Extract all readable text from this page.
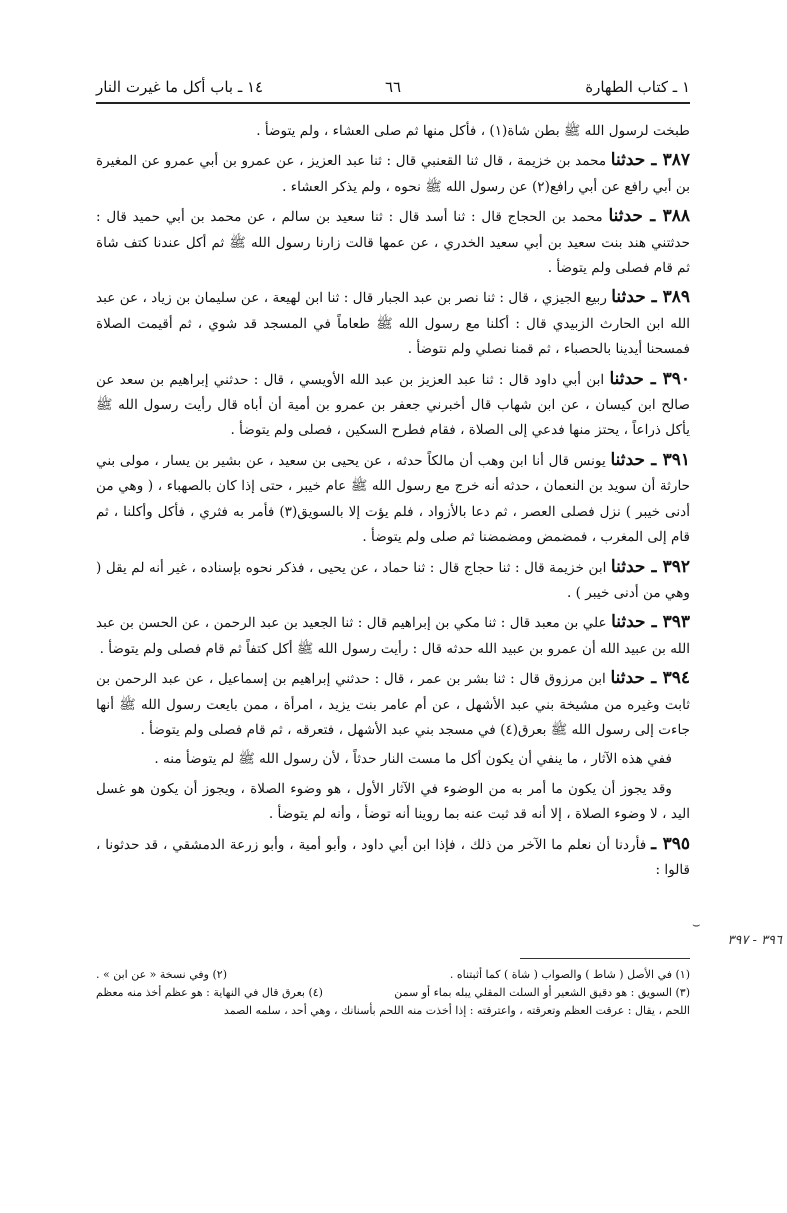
١ ـ كتاب الطهارة
٦٦
١٤ ـ باب أكل ما غيرت النار

طبخت لرسول الله ﷺ بطن شاة(١) ، فأكل منها ثم صلى العشاء ، ولم يتوضأ .

٣٨٧ ـ حدثنا محمد بن خزيمة ، قال ثنا القعنبي قال : ثنا عبد العزيز ، عن عمرو بن أبي عمرو عن المغيرة بن أبي رافع عن أبي رافع(٢) عن رسول الله ﷺ نحوه ، ولم يذكر العشاء .

٣٨٨ ـ حدثنا محمد بن الحجاج قال : ثنا أسد قال : ثنا سعيد بن سالم ، عن محمد بن أبي حميد قال : حدثتني هند بنت سعيد بن أبي سعيد الخدري ، عن عمها قالت زارنا رسول الله ﷺ ثم أكل عندنا كتف شاة ثم قام فصلى ولم يتوضأ .

٣٨٩ ـ حدثنا ربيع الجيزي ، قال : ثنا نصر بن عبد الجبار قال : ثنا ابن لهيعة ، عن سليمان بن زياد ، عن عبد الله ابن الحارث الزبيدي قال : أكلنا مع رسول الله ﷺ طعاماً في المسجد قد شوي ، ثم أقيمت الصلاة فمسحنا أيدينا بالحصباء ، ثم قمنا نصلي ولم نتوضأ .

٣٩٠ ـ حدثنا ابن أبي داود قال : ثنا عبد العزيز بن عبد الله الأويسي ، قال : حدثني إبراهيم بن سعد عن صالح ابن كيسان ، عن ابن شهاب قال أخبرني جعفر بن عمرو بن أمية أن أباه قال رأيت رسول الله ﷺ يأكل ذراعاً ، يحتز منها فدعي إلى الصلاة ، فقام فطرح السكين ، فصلى ولم يتوضأ .

٣٩١ ـ حدثنا يونس قال أنا ابن وهب أن مالكاً حدثه ، عن يحيى بن سعيد ، عن بشير بن يسار ، مولى بني حارثة أن سويد بن النعمان ، حدثه أنه خرج مع رسول الله ﷺ عام خيبر ، حتى إذا كان بالصهباء ، ( وهي من أدنى خيبر ) نزل فصلى العصر ، ثم دعا بالأزواد ، فلم يؤت إلا بالسويق(٣) فأمر به فثري ، فأكل وأكلنا ، ثم قام إلى المغرب ، فمضمض ومضمضنا ثم صلى ولم يتوضأ .

٣٩٢ ـ حدثنا ابن خزيمة قال : ثنا حجاج قال : ثنا حماد ، عن يحيى ، فذكر نحوه بإسناده ، غير أنه لم يقل ( وهي من أدنى خيبر ) .

٣٩٣ ـ حدثنا علي بن معبد قال : ثنا مكي بن إبراهيم قال : ثنا الجعيد بن عبد الرحمن ، عن الحسن بن عبد الله بن عبيد الله أن عمرو بن عبيد الله حدثه قال : رأيت رسول الله ﷺ أكل كتفاً ثم قام فصلى ولم يتوضأ .

٣٩٤ ـ حدثنا ابن مرزوق قال : ثنا بشر بن عمر ، قال : حدثني إبراهيم بن إسماعيل ، عن عبد الرحمن بن ثابت وغيره من مشيخة بني عبد الأشهل ، عن أم عامر بنت يزيد ، امرأة ، ممن بايعت رسول الله ﷺ أنها جاءت إلى رسول الله ﷺ بعرق(٤) في مسجد بني عبد الأشهل ، فتعرقه ، ثم قام فصلى ولم يتوضأ .

ففي هذه الآثار ، ما ينفي أن يكون أكل ما مست النار حدثاً ، لأن رسول الله ﷺ لم يتوضأ منه .

وقد يجوز أن يكون ما أمر به من الوضوء في الآثار الأول ، هو وضوء الصلاة ، ويجوز أن يكون هو غسل اليد ، لا وضوء الصلاة ، إلا أنه قد ثبت عنه بما روينا أنه توضأ ، وأنه لم يتوضأ .

٣٩٥ ـ فأردنا أن نعلم ما الآخر من ذلك ، فإذا ابن أبي داود ، وأبو أمية ، وأبو زرعة الدمشقي ، قد حدثونا ، قالوا :

⌣
٣٩٦ - ٣٩٧
(١) في الأصل ( شاط ) والصواب ( شاة ) كما أثبتناه .
(٢) وفي نسخة « عن ابن » .
(٣) السويق : هو دقيق الشعير أو السلت المقلي يبله بماء أو سمن
(٤) بعرق قال في النهاية : هو عظم أخذ منه معظم
اللحم ، يقال : عرقت العظم وتعرقته ، واعترقته : إذا أخذت منه اللحم بأسنانك ، وهي أحد ، سلمه الصمد
